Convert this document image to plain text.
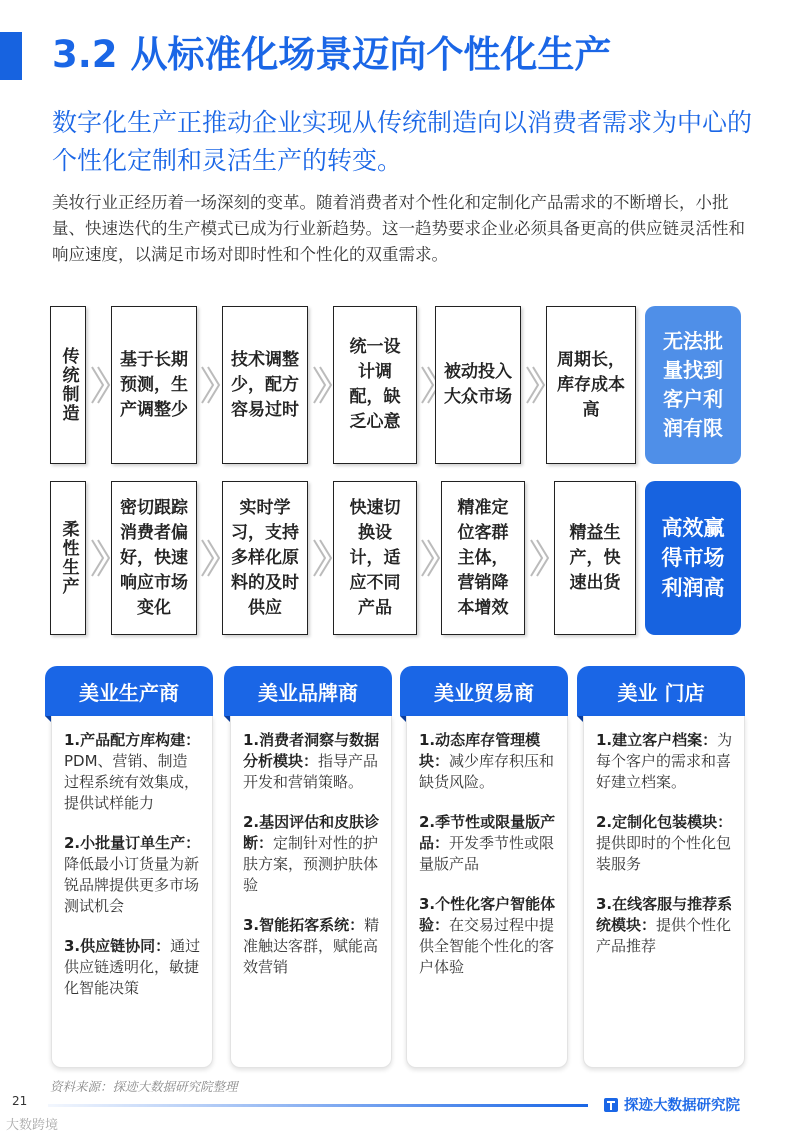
3.2 从标准化场景迈向个性化生产
数字化生产正推动企业实现从传统制造向以消费者需求为中心的个性化定制和灵活生产的转变。
美妆行业正经历着一场深刻的变革。随着消费者对个性化和定制化产品需求的不断增长，小批量、快速迭代的生产模式已成为行业新趋势。这一趋势要求企业必须具备更高的供应链灵活性和响应速度，以满足市场对即时性和个性化的双重需求。
传统制造 基于长期预测，生产调整少
技术调整少，配方容易过时
统一设计调配，缺乏心意
被动投入大众市场
周期长，库存成本高
无法批量找到客户利润有限
柔性生产
密切跟踪消费者偏好，快速响应市场变化
实时学习，支持多样化原料的及时供应
快速切换设计，适应不同产品
精准定位客群主体，营销降本增效
精益生产，快速出货
高效赢得市场利润高
美业生产商
1.产品配方库构建：PDM、营销、制造过程系统有效集成，提供试样能力
2.小批量订单生产：降低最小订货量为新锐品牌提供更多市场测试机会
3.供应链协同：通过供应链透明化，敏捷化智能决策
美业品牌商
1.消费者洞察与数据分析模块：指导产品开发和营销策略。
2.基因评估和皮肤诊断：定制针对性的护肤方案，预测护肤体验
3.智能拓客系统：精准触达客群，赋能高效营销
美业贸易商
1.动态库存管理模块：减少库存积压和缺货风险。
2.季节性或限量版产品：开发季节性或限量版产品
3.个性化客户智能体验：在交易过程中提供全智能个性化的客户体验
美业 门店
1.建立客户档案：为每个客户的需求和喜好建立档案。
2.定制化包装模块：提供即时的个性化包装服务
3.在线客服与推荐系统模块：提供个性化产品推荐
资料来源：探迹大数据研究院整理
21	探迹大数据研究院
大数跨境
